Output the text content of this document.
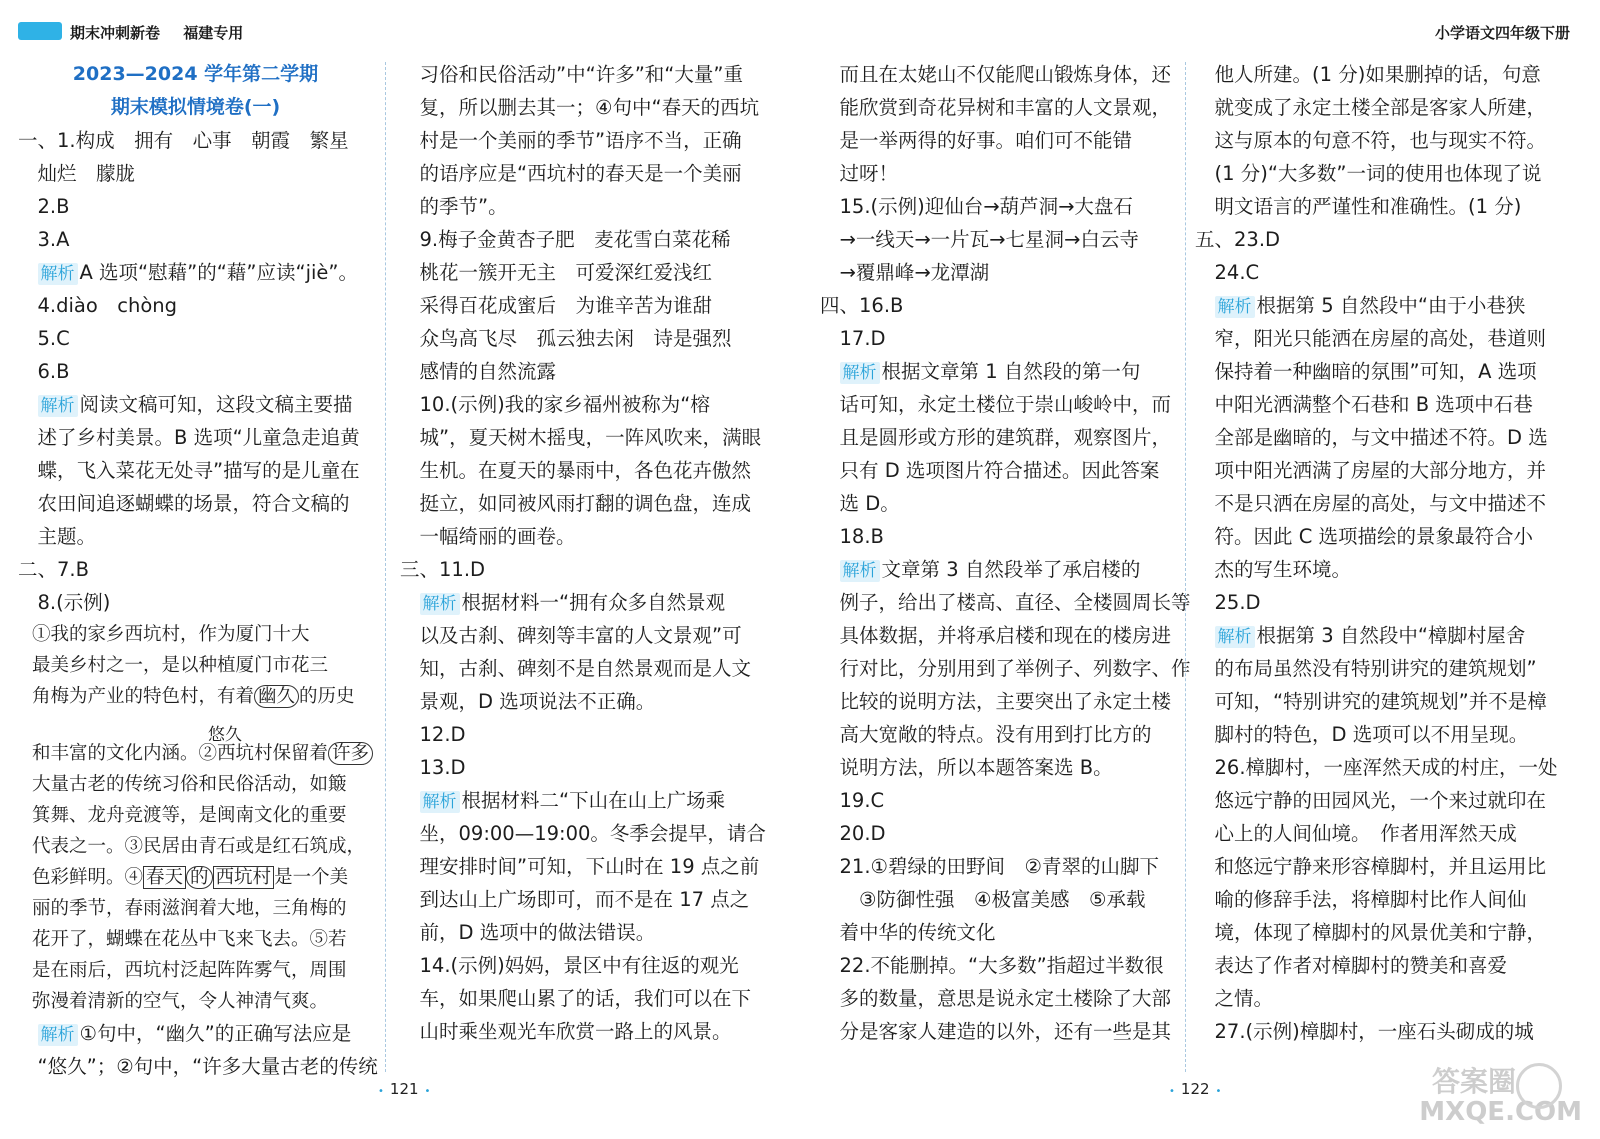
期末冲刺新卷 福建专用	小学语文四年级下册
2023—2024 学年第二学期
期末模拟情境卷(一)
一、1.构成　拥有　心事　朝霞　繁星
　灿烂　朦胧
　2.B
　3.A
　解析 A 选项“慰藉”的“藉”应读“jiè”。
　4.diào　chòng
　5.C
　6.B
　解析 阅读文稿可知，这段文稿主要描
　述了乡村美景。B 选项“儿童急走追黄
　蝶，飞入菜花无处寻”描写的是儿童在
　农田间追逐蝴蝶的场景，符合文稿的
　主题。
二、7.B
　8.(示例)
①我的家乡西坑村，作为厦门十大
最美乡村之一，是以种植厦门市花三
角梅为产业的特色村，有着 幽久 的历史
和丰富的文化内涵。②西坑村保留着 许多
大量古老的传统习俗和民俗活动，如簸
箕舞、龙舟竞渡等，是闽南文化的重要
代表之一。③民居由青石或是红石筑成，
色彩鲜明。④ 春天 的 西坑村 是一个美
丽的季节，春雨滋润着大地，三角梅的
花开了，蝴蝶在花丛中飞来飞去。⑤若
是在雨后，西坑村泛起阵阵雾气，周围
弥漫着清新的空气，令人神清气爽。
　解析 ①句中，“幽久”的正确写法应是
　“悠久”；②句中，“许多大量古老的传统
悠久
　习俗和民俗活动”中“许多”和“大量”重
　复，所以删去其一；④句中“春天的西坑
　村是一个美丽的季节”语序不当，正确
　的语序应是“西坑村的春天是一个美丽
　的季节”。
　9.梅子金黄杏子肥　麦花雪白菜花稀
　桃花一簇开无主　可爱深红爱浅红
　采得百花成蜜后　为谁辛苦为谁甜
　众鸟高飞尽　孤云独去闲　诗是强烈
　感情的自然流露
　10.(示例)我的家乡福州被称为“榕
　城”，夏天树木摇曳，一阵风吹来，满眼
　生机。在夏天的暴雨中，各色花卉傲然
　挺立，如同被风雨打翻的调色盘，连成
　一幅绮丽的画卷。
三、11.D
　解析 根据材料一“拥有众多自然景观
　以及古刹、碑刻等丰富的人文景观”可
　知，古刹、碑刻不是自然景观而是人文
　景观，D 选项说法不正确。
　12.D
　13.D
　解析 根据材料二“下山在山上广场乘
　坐，09:00—19:00。冬季会提早，请合
　理安排时间”可知，下山时在 19 点之前
　到达山上广场即可，而不是在 17 点之
　前，D 选项中的做法错误。
　14.(示例)妈妈，景区中有往返的观光
　车，如果爬山累了的话，我们可以在下
　山时乘坐观光车欣赏一路上的风景。
　而且在太姥山不仅能爬山锻炼身体，还
　能欣赏到奇花异树和丰富的人文景观，
　是一举两得的好事。咱们可不能错
　过呀！
　15.(示例)迎仙台→葫芦洞→大盘石
　→一线天→一片瓦→七星洞→白云寺
　→覆鼎峰→龙潭湖
四、16.B
　17.D
　解析 根据文章第 1 自然段的第一句
　话可知，永定土楼位于崇山峻岭中，而
　且是圆形或方形的建筑群，观察图片，
　只有 D 选项图片符合描述。因此答案
　选 D。
　18.B
　解析 文章第 3 自然段举了承启楼的
　例子，给出了楼高、直径、全楼圆周长等
　具体数据，并将承启楼和现在的楼房进
　行对比，分别用到了举例子、列数字、作
　比较的说明方法，主要突出了永定土楼
　高大宽敞的特点。没有用到打比方的
　说明方法，所以本题答案选 B。
　19.C
　20.D
　21.①碧绿的田野间　②青翠的山脚下
　　③防御性强　④极富美感　⑤承载
　着中华的传统文化
　22.不能删掉。“大多数”指超过半数很
　多的数量，意思是说永定土楼除了大部
　分是客家人建造的以外，还有一些是其
　他人所建。(1 分)如果删掉的话，句意
　就变成了永定土楼全部是客家人所建，
　这与原本的句意不符，也与现实不符。
　(1 分)“大多数”一词的使用也体现了说
　明文语言的严谨性和准确性。(1 分)
五、23.D
　24.C
　解析 根据第 5 自然段中“由于小巷狭
　窄，阳光只能洒在房屋的高处，巷道则
　保持着一种幽暗的氛围”可知，A 选项
　中阳光洒满整个石巷和 B 选项中石巷
　全部是幽暗的，与文中描述不符。D 选
　项中阳光洒满了房屋的大部分地方，并
　不是只洒在房屋的高处，与文中描述不
　符。因此 C 选项描绘的景象最符合小
　杰的写生环境。
　25.D
　解析 根据第 3 自然段中“樟脚村屋舍
　的布局虽然没有特别讲究的建筑规划”
　可知，“特别讲究的建筑规划”并不是樟
　脚村的特色，D 选项可以不用呈现。
　26.樟脚村，一座浑然天成的村庄，一处
　悠远宁静的田园风光，一个来过就印在
　心上的人间仙境。　作者用浑然天成
　和悠远宁静来形容樟脚村，并且运用比
　喻的修辞手法，将樟脚村比作人间仙
　境，体现了樟脚村的风景优美和宁静，
　表达了作者对樟脚村的赞美和喜爱
　之情。
　27.(示例)樟脚村，一座石头砌成的城
• 121 •
•	122 •	答案圈
MXQE.COM
